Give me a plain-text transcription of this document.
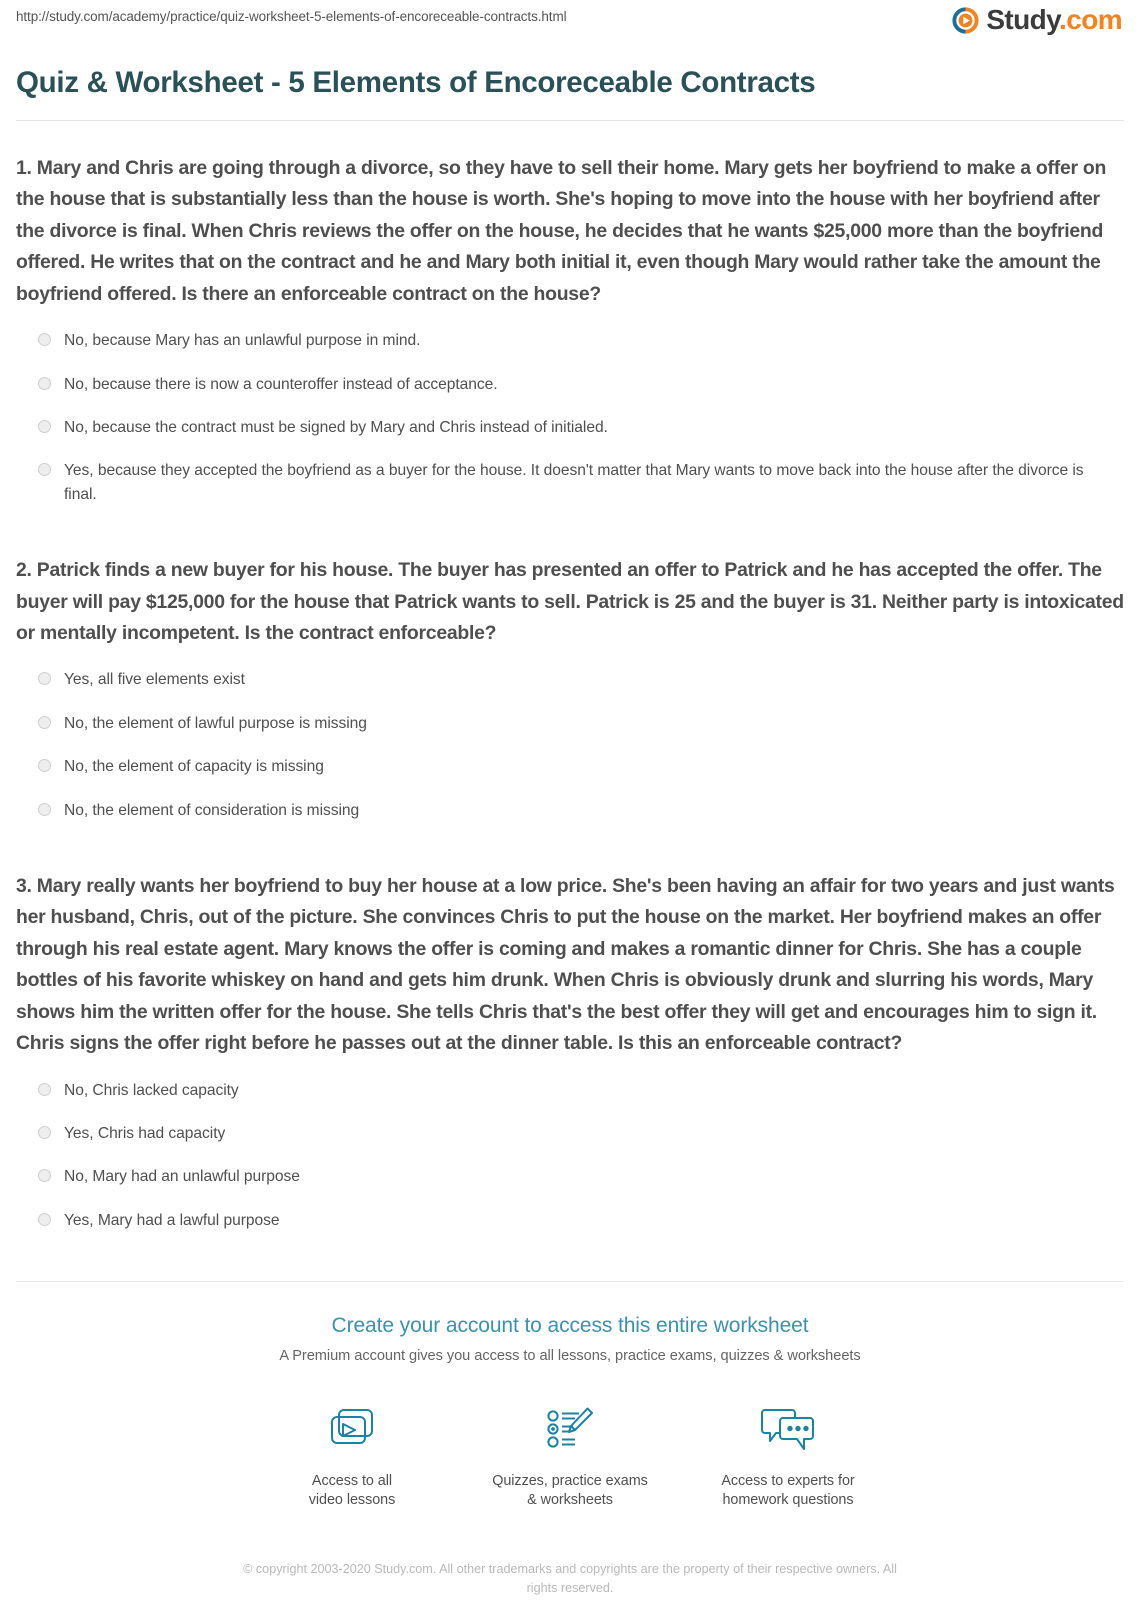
http://study.com/academy/practice/quiz-worksheet-5-elements-of-encoreceable-contracts.html	Study.com
Quiz & Worksheet - 5 Elements of Encoreceable Contracts

1. Mary and Chris are going through a divorce, so they have to sell their home. Mary gets her boyfriend to make a offer on the house that is substantially less than the house is worth. She's hoping to move into the house with her boyfriend after the divorce is final. When Chris reviews the offer on the house, he decides that he wants $25,000 more than the boyfriend offered. He writes that on the contract and he and Mary both initial it, even though Mary would rather take the amount the boyfriend offered. Is there an enforceable contract on the house?

No, because Mary has an unlawful purpose in mind.
No, because there is now a counteroffer instead of acceptance.
No, because the contract must be signed by Mary and Chris instead of initialed.
Yes, because they accepted the boyfriend as a buyer for the house. It doesn't matter that Mary wants to move back into the house after the divorce is final.

2. Patrick finds a new buyer for his house. The buyer has presented an offer to Patrick and he has accepted the offer. The buyer will pay $125,000 for the house that Patrick wants to sell. Patrick is 25 and the buyer is 31. Neither party is intoxicated or mentally incompetent. Is the contract enforceable?

Yes, all five elements exist
No, the element of lawful purpose is missing
No, the element of capacity is missing
No, the element of consideration is missing

3. Mary really wants her boyfriend to buy her house at a low price. She's been having an affair for two years and just wants her husband, Chris, out of the picture. She convinces Chris to put the house on the market. Her boyfriend makes an offer through his real estate agent. Mary knows the offer is coming and makes a romantic dinner for Chris. She has a couple bottles of his favorite whiskey on hand and gets him drunk. When Chris is obviously drunk and slurring his words, Mary shows him the written offer for the house. She tells Chris that's the best offer they will get and encourages him to sign it. Chris signs the offer right before he passes out at the dinner table. Is this an enforceable contract?

No, Chris lacked capacity
Yes, Chris had capacity
No, Mary had an unlawful purpose
Yes, Mary had a lawful purpose
Create your account to access this entire worksheet
A Premium account gives you access to all lessons, practice exams, quizzes & worksheets
Access to all
video lessons
Quizzes, practice exams
& worksheets
Access to experts for
homework questions
© copyright 2003-2020 Study.com. All other trademarks and copyrights are the property of their respective owners. All rights reserved.
